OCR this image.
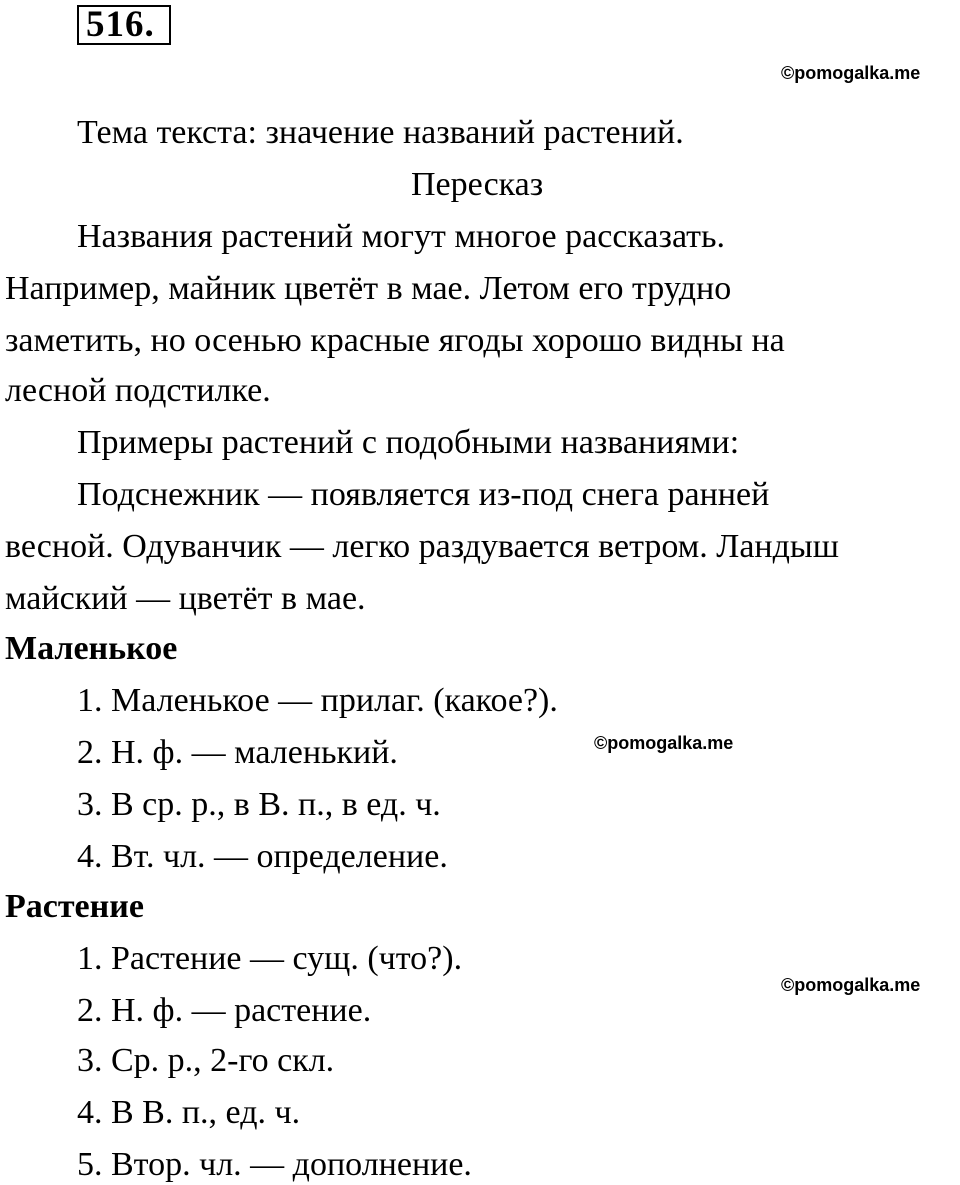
516.
©pomogalka.me
Тема текста: значение названий растений.
Пересказ
Названия растений могут многое рассказать.
Например, майник цветёт в мае. Летом его трудно
заметить, но осенью красные ягоды хорошо видны на
лесной подстилке.
Примеры растений с подобными названиями:
Подснежник — появляется из-под снега ранней
весной. Одуванчик — легко раздувается ветром. Ландыш
майский — цветёт в мае.
Маленькое
1. Маленькое — прилаг. (какое?).
2. Н. ф. — маленький.	©pomogalka.me
3. В ср. р., в В. п., в ед. ч.
4. Вт. чл. — определение.
Растение
1. Растение — сущ. (что?).
©pomogalka.me
2. Н. ф. — растение.
3. Ср. р., 2-го скл.
4. В В. п., ед. ч.
5. Втор. чл. — дополнение.
